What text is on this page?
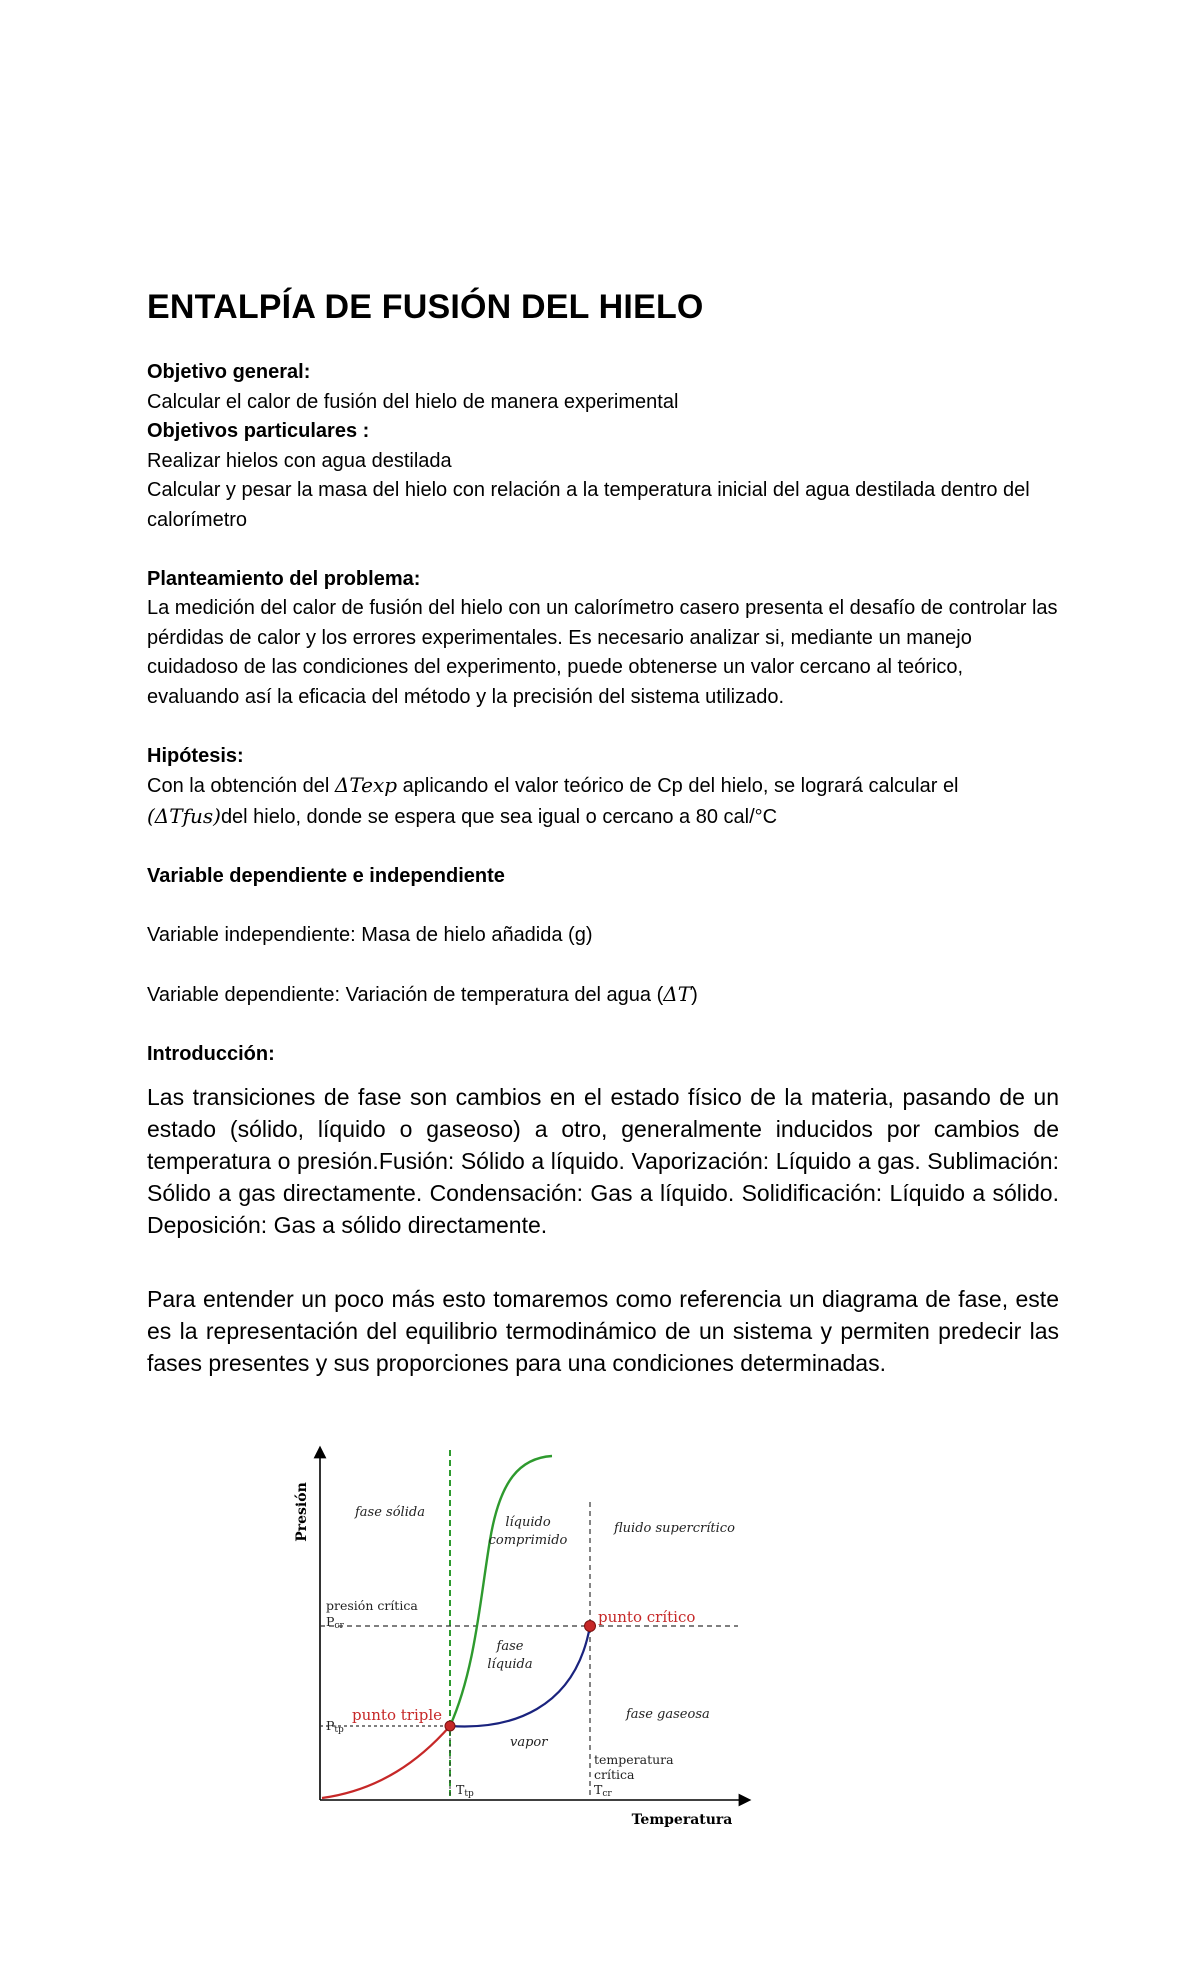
ENTALPÍA DE FUSIÓN DEL HIELO
Objetivo general:
Calcular el calor de fusión del hielo de manera experimental
Objetivos particulares :
Realizar hielos con agua destilada
Calcular y pesar la masa del hielo con relación a la temperatura inicial del agua destilada dentro del calorímetro
Planteamiento del problema:
La medición del calor de fusión del hielo con un calorímetro casero presenta el desafío de controlar las pérdidas de calor y los errores experimentales. Es necesario analizar si, mediante un manejo cuidadoso de las condiciones del experimento, puede obtenerse un valor cercano al teórico, evaluando así la eficacia del método y la precisión del sistema utilizado.
Hipótesis:
Con la obtención del ΔTexp aplicando el valor teórico de Cp del hielo, se logrará calcular el (ΔTfus)del hielo, donde se espera que sea igual o cercano a 80 cal/°C
Variable dependiente e independiente
Variable independiente: Masa de hielo añadida (g)
Variable dependiente: Variación de temperatura del agua (ΔT)
Introducción:
Las transiciones de fase son cambios en el estado físico de la materia, pasando de un estado (sólido, líquido o gaseoso) a otro, generalmente inducidos por cambios de temperatura o presión.Fusión: Sólido a líquido. Vaporización: Líquido a gas. Sublimación: Sólido a gas directamente. Condensación: Gas a líquido. Solidificación: Líquido a sólido. Deposición: Gas a sólido directamente.
Para entender un poco más esto tomaremos como referencia un diagrama de fase, este es la representación del equilibrio termodinámico de un sistema y permiten predecir las fases presentes y sus proporciones para una condiciones determinadas.
Presión
Temperatura
fase sólida
líquido
comprimido
fluido supercrítico
presión crítica
Pcr	punto crítico
fase
líquida
punto triple
Ptp
fase gaseosa
vapor
temperatura
crítica
Tcr
Ttp
